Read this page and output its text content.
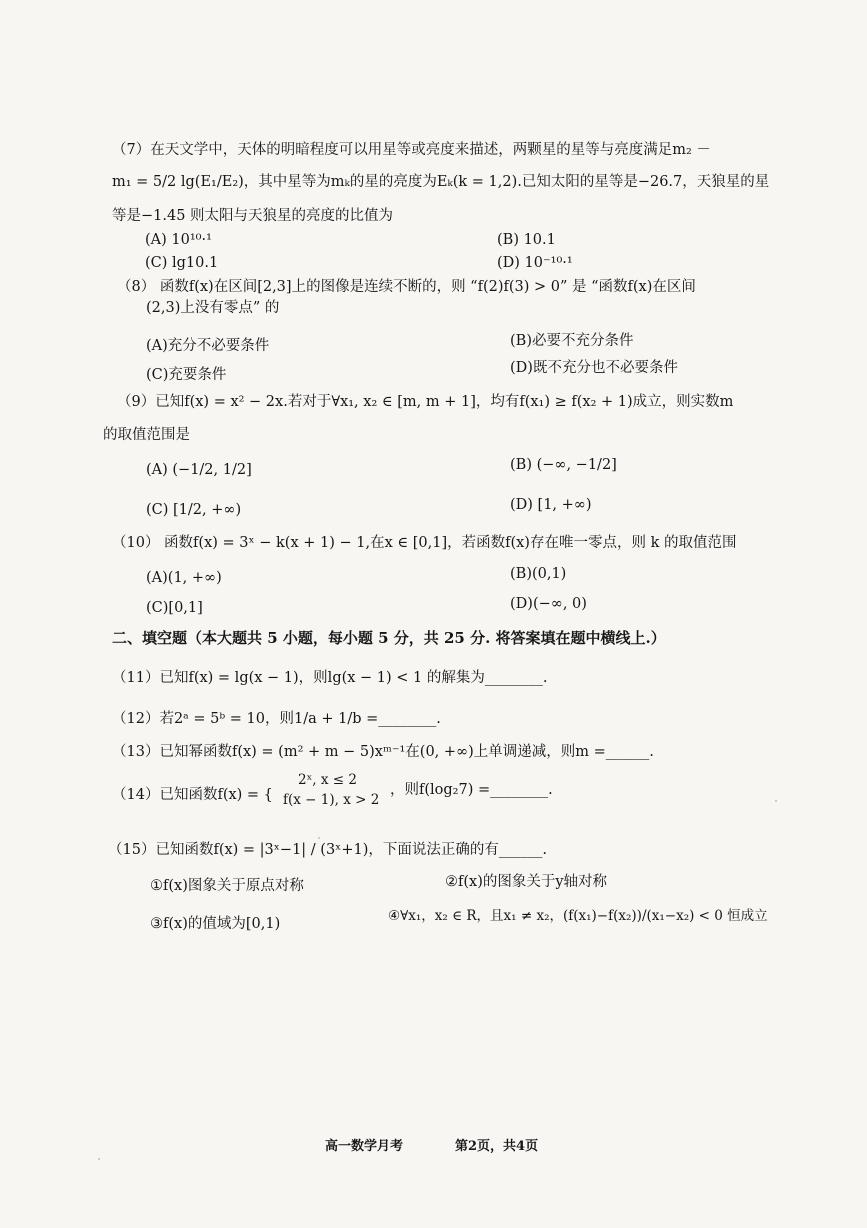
（7）在天文学中，天体的明暗程度可以用星等或亮度来描述，两颗星的星等与亮度满足m₂ －
m₁ = 5/2 lg(E₁/E₂)，其中星等为mₖ的星的亮度为Eₖ(k = 1,2).已知太阳的星等是−26.7，天狼星的星
等是−1.45 则太阳与天狼星的亮度的比值为
(A) 10¹⁰·¹	(B) 10.1
(C) lg10.1	(D) 10⁻¹⁰·¹
（8） 函数f(x)在区间[2,3]上的图像是连续不断的，则 “f(2)f(3) > 0” 是 “函数f(x)在区间
(2,3)上没有零点” 的
(A)充分不必要条件	(B)必要不充分条件
(C)充要条件	(D)既不充分也不必要条件
（9）已知f(x) = x² − 2x.若对于∀x₁, x₂ ∈ [m, m + 1]，均有f(x₁) ≥ f(x₂ + 1)成立，则实数m
的取值范围是
(A) (−1/2, 1/2]	(B) (−∞, −1/2]
(C) [1/2, +∞)	(D) [1, +∞)
（10） 函数f(x) = 3ˣ − k(x + 1) − 1,在x ∈ [0,1]，若函数f(x)存在唯一零点，则 k 的取值范围
(A)(1, +∞)	(B)(0,1)
(C)[0,1]	(D)(−∞, 0)
二、填空题（本大题共 5 小题，每小题 5 分，共 25 分. 将答案填在题中横线上.）
（11）已知f(x) = lg(x − 1)，则lg(x − 1) < 1 的解集为________.
（12）若2ᵃ = 5ᵇ = 10，则1/a + 1/b =________.
（13）已知幂函数f(x) = (m² + m − 5)xᵐ⁻¹在(0, +∞)上单调递减，则m =______.
（14）已知函数f(x) = {
2ˣ, x ≤ 2
f(x − 1), x > 2
，则f(log₂7) =________.
（15）已知函数f(x) = |3ˣ−1| / (3ˣ+1)，下面说法正确的有______.
①f(x)图象关于原点对称	②f(x)的图象关于y轴对称
③f(x)的值域为[0,1)	④∀x₁，x₂ ∈ R，且x₁ ≠ x₂，(f(x₁)−f(x₂))/(x₁−x₂) < 0 恒成立
高一数学月考	第2页，共4页
